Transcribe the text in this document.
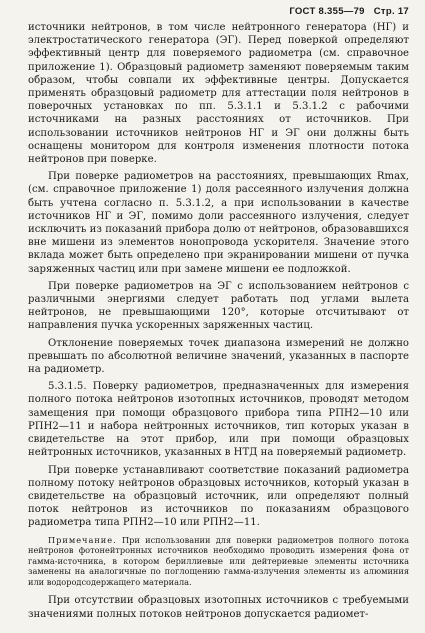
ГОСТ 8.355—79 Стр. 17

источники нейтронов, в том числе нейтронного генератора (НГ) и электростатического генератора (ЭГ). Перед поверкой определяют эффективный центр для поверяемого радиометра (см. справочное приложение 1). Образцовый радиометр заменяют поверяемым таким образом, чтобы совпали их эффективные центры. Допускается применять образцовый радиометр для аттестации поля нейтронов в поверочных установках по пп. 5.3.1.1 и 5.3.1.2 с рабочими источниками на разных расстояниях от источников. При использовании источников нейтронов НГ и ЭГ они должны быть оснащены монитором для контроля изменения плотности потока нейтронов при поверке.

При поверке радиометров на расстояниях, превышающих Rmax, (см. справочное приложение 1) доля рассеянного излучения должна быть учтена согласно п. 5.3.1.2, а при использовании в качестве источников НГ и ЭГ, помимо доли рассеянного излучения, следует исключить из показаний прибора долю от нейтронов, образовавшихся вне мишени из элементов нонопровода ускорителя. Значение этого вклада может быть определено при экранировании мишени от пучка заряженных частиц или при замене мишени ее подложкой.

При поверке радиометров на ЭГ с использованием нейтронов с различными энергиями следует работать под углами вылета нейтронов, не превышающими 120°, которые отсчитывают от направления пучка ускоренных заряженных частиц.

Отклонение поверяемых точек диапазона измерений не должно превышать по абсолютной величине значений, указанных в паспорте на радиометр.

5.3.1.5. Поверку радиометров, предназначенных для измерения полного потока нейтронов изотопных источников, проводят методом замещения при помощи образцового прибора типа РПН2—10 или РПН2—11 и набора нейтронных источников, тип которых указан в свидетельстве на этот прибор, или при помощи образцовых нейтронных источников, указанных в НТД на поверяемый радиометр.

При поверке устанавливают соответствие показаний радиометра полному потоку нейтронов образцовых источников, который указан в свидетельстве на образцовый источник, или определяют полный поток нейтронов из источников по показаниям образцового радиометра типа РПН2—10 или РПН2—11.

Примечание. При использовании для поверки радиометров полного потока нейтронов фотонейтронных источников необходимо проводить измерения фона от гамма-источника, в котором бериллиевые или дейтериевые элементы источника заменены на аналогичные по поглощению гамма-излучения элементы из алюминия или водородсодержащего материала.

При отсутствии образцовых изотопных источников с требуемыми значениями полных потоков нейтронов допускается радиомет-
